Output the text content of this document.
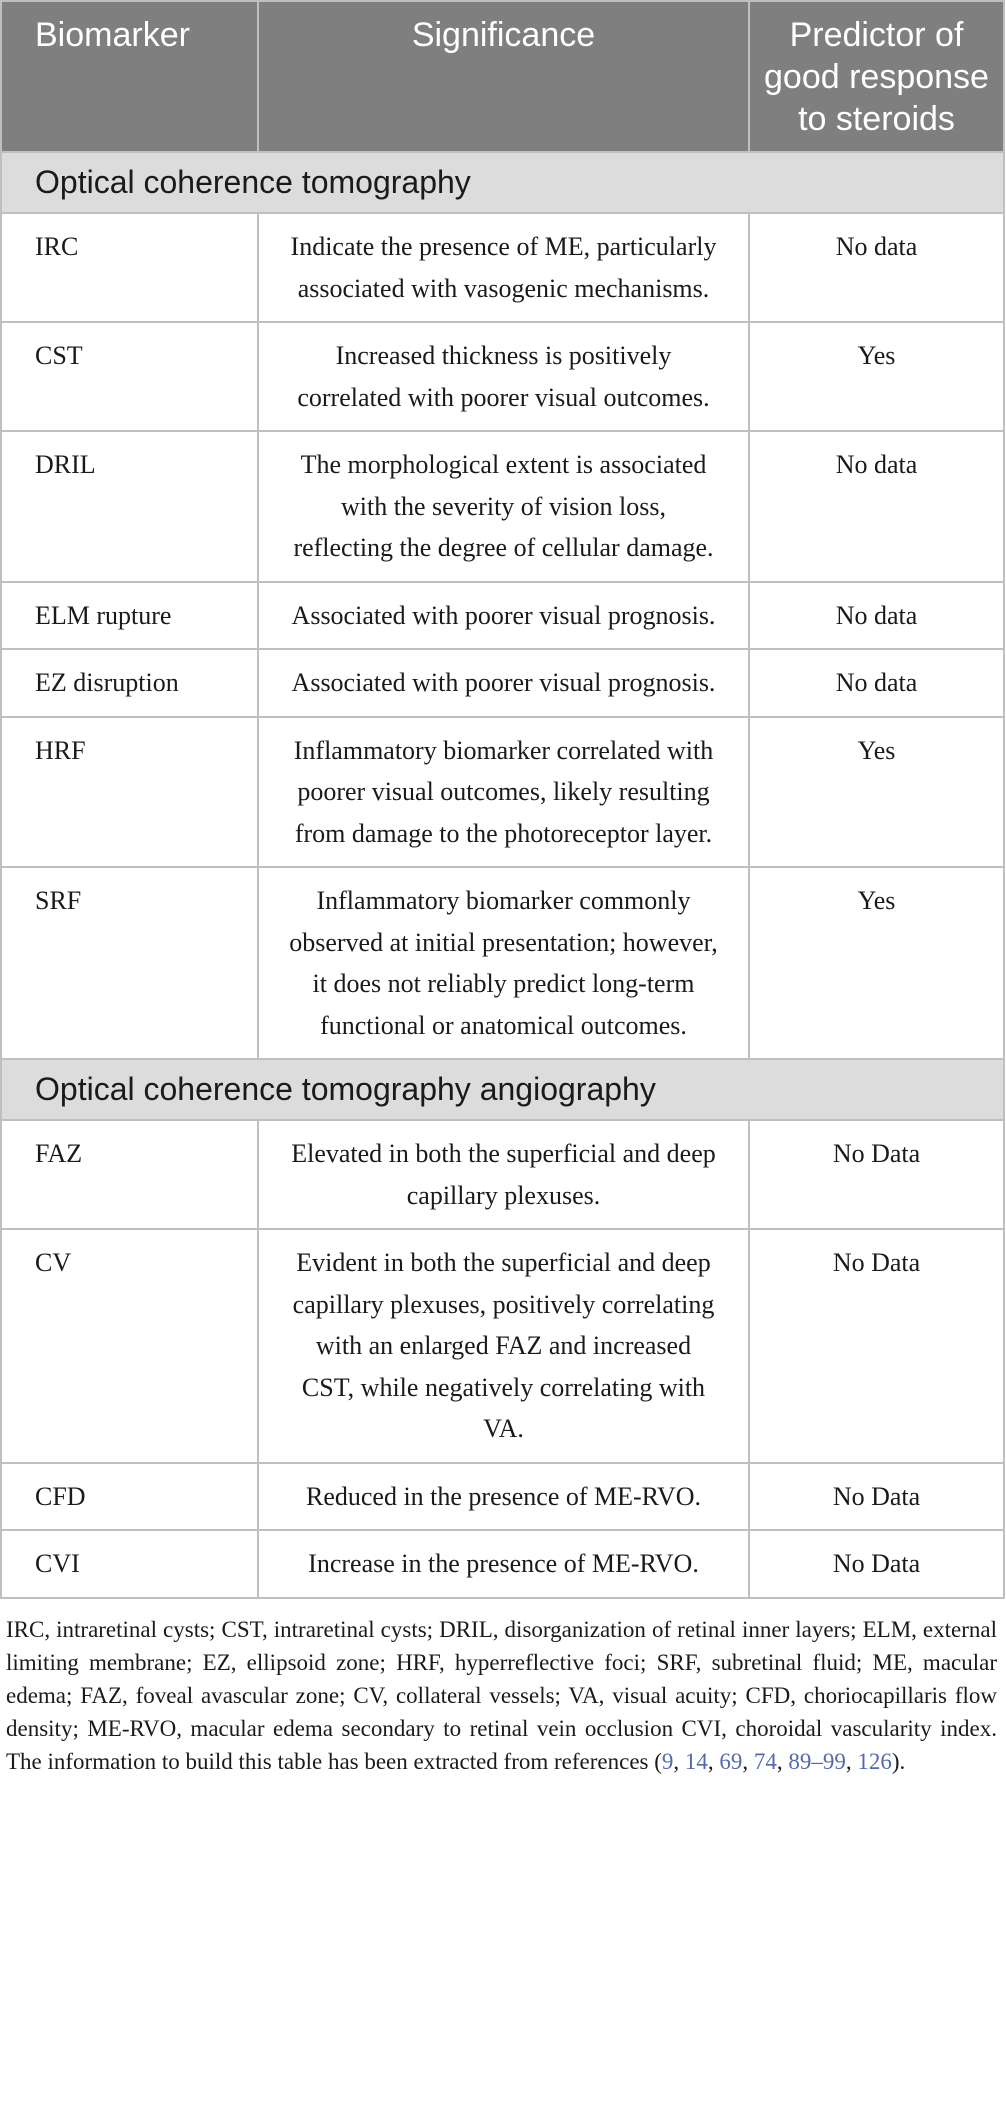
Biomarker	Significance	Predictor of good response to steroids
Optical coherence tomography		
IRC	Indicate the presence of ME, particularly associated with vasogenic mechanisms.	No data
CST	Increased thickness is positively correlated with poorer visual outcomes.	Yes
DRIL	The morphological extent is associated with the severity of vision loss, reflecting the degree of cellular damage.	No data
ELM rupture	Associated with poorer visual prognosis.	No data
EZ disruption	Associated with poorer visual prognosis.	No data
HRF	Inflammatory biomarker correlated with poorer visual outcomes, likely resulting from damage to the photoreceptor layer.	Yes
SRF	Inflammatory biomarker commonly observed at initial presentation; however, it does not reliably predict long-term functional or anatomical outcomes.	Yes
Optical coherence tomography angiography		
FAZ	Elevated in both the superficial and deep capillary plexuses.	No Data
CV	Evident in both the superficial and deep capillary plexuses, positively correlating with an enlarged FAZ and increased CST, while negatively correlating with VA.	No Data
CFD	Reduced in the presence of ME-RVO.	No Data
CVI	Increase in the presence of ME-RVO.	No Data

IRC, intraretinal cysts; CST, intraretinal cysts; DRIL, disorganization of retinal inner layers; ELM, external limiting membrane; EZ, ellipsoid zone; HRF, hyperreflective foci; SRF, subretinal fluid; ME, macular edema; FAZ, foveal avascular zone; CV, collateral vessels; VA, visual acuity; CFD, choriocapillaris flow density; ME-RVO, macular edema secondary to retinal vein occlusion CVI, choroidal vascularity index. The information to build this table has been extracted from references (9, 14, 69, 74, 89–99, 126).
